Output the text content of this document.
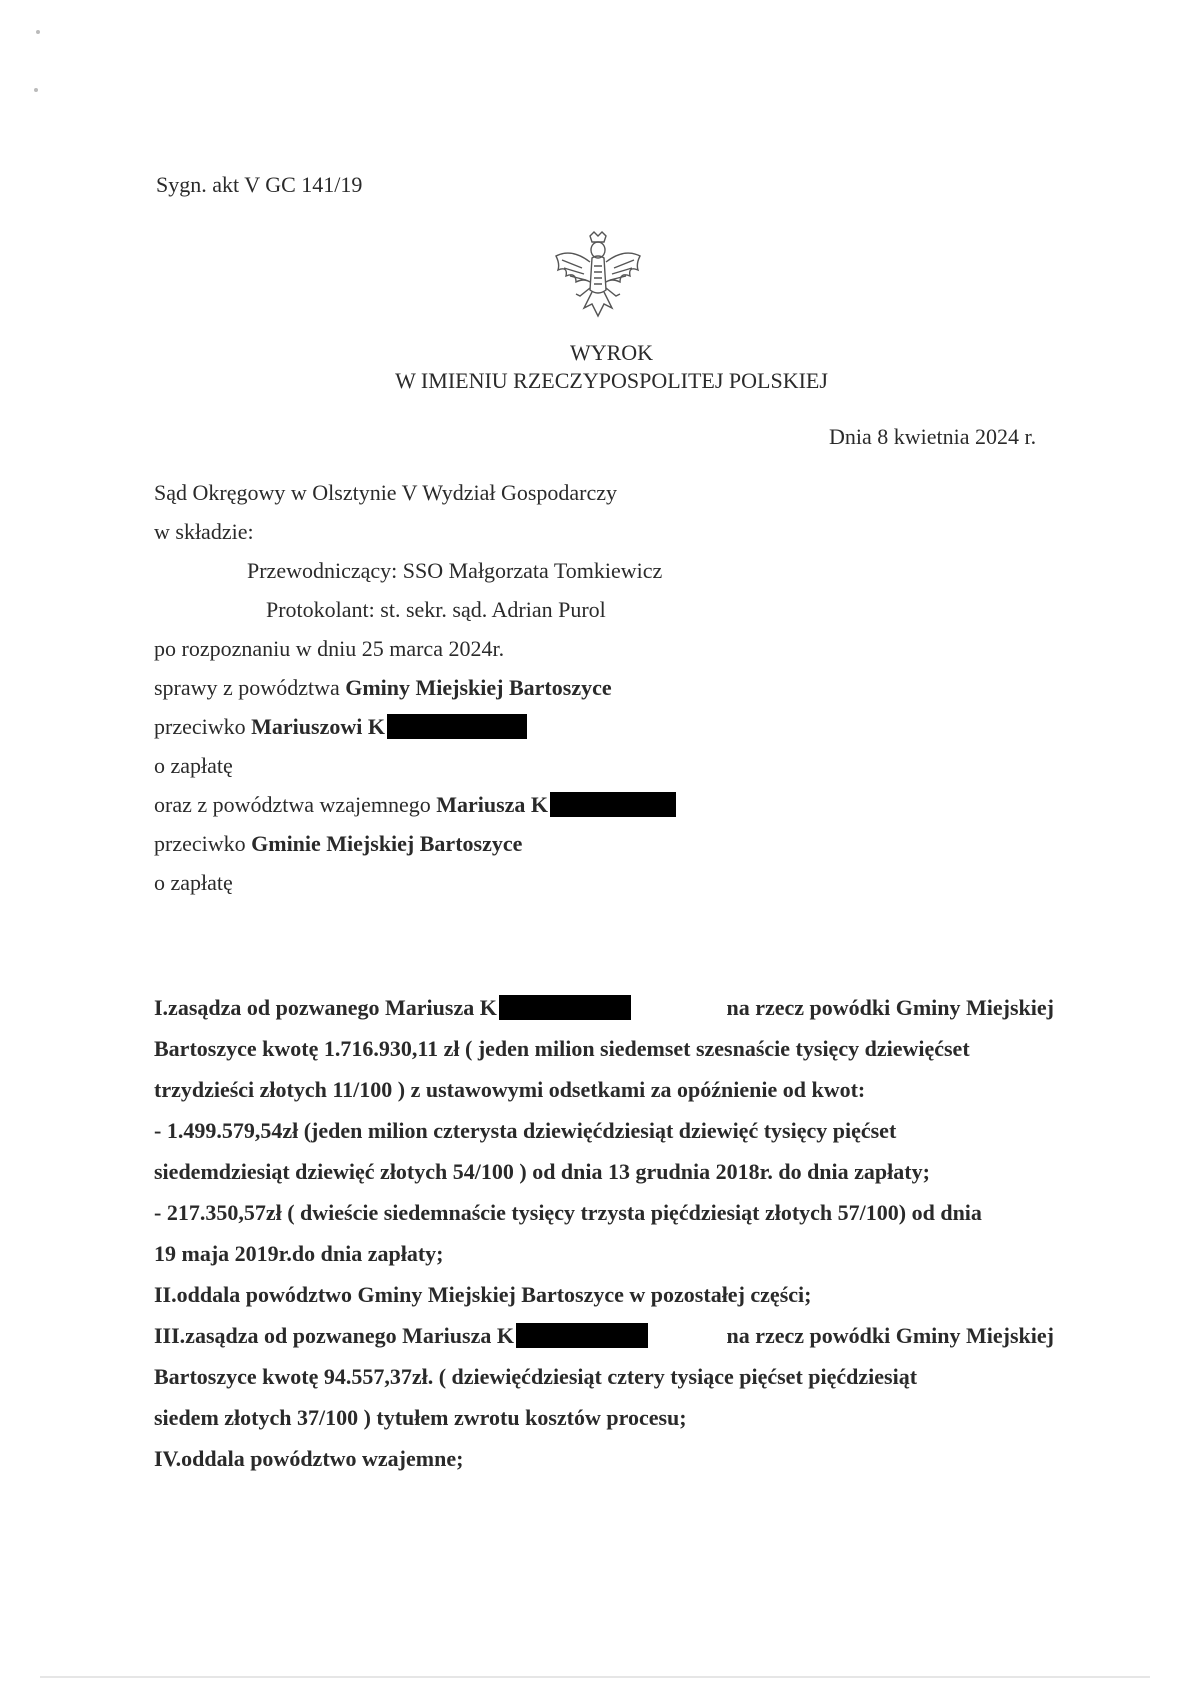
Sygn. akt V GC 141/19
WYROK
W IMIENIU RZECZYPOSPOLITEJ POLSKIEJ
Dnia 8 kwietnia 2024 r.
Sąd Okręgowy w Olsztynie V Wydział Gospodarczy
w składzie:
Przewodniczący: SSO Małgorzata Tomkiewicz
Protokolant: st. sekr. sąd. Adrian Purol
po rozpoznaniu w dniu 25 marca 2024r.
sprawy z powództwa Gminy Miejskiej Bartoszyce
przeciwko Mariuszowi K
o zapłatę
oraz z powództwa wzajemnego Mariusza K
przeciwko Gminie Miejskiej Bartoszyce
o zapłatę
I.zasądza od pozwanego Mariusza K	na rzecz powódki Gminy Miejskiej
Bartoszyce kwotę 1.716.930,11 zł ( jeden milion siedemset szesnaście tysięcy dziewięćset
trzydzieści złotych 11/100 ) z ustawowymi odsetkami za opóźnienie od kwot:
- 1.499.579,54zł (jeden milion czterysta dziewięćdziesiąt dziewięć tysięcy pięćset
siedemdziesiąt dziewięć złotych 54/100 ) od dnia 13 grudnia 2018r. do dnia zapłaty;
- 217.350,57zł ( dwieście siedemnaście tysięcy trzysta pięćdziesiąt złotych 57/100) od dnia
19 maja 2019r.do dnia zapłaty;
II.oddala powództwo Gminy Miejskiej Bartoszyce w pozostałej części;
III.zasądza od pozwanego Mariusza K	na rzecz powódki Gminy Miejskiej
Bartoszyce kwotę 94.557,37zł. ( dziewięćdziesiąt cztery tysiące pięćset pięćdziesiąt
siedem złotych 37/100 ) tytułem zwrotu kosztów procesu;
IV.oddala powództwo wzajemne;
